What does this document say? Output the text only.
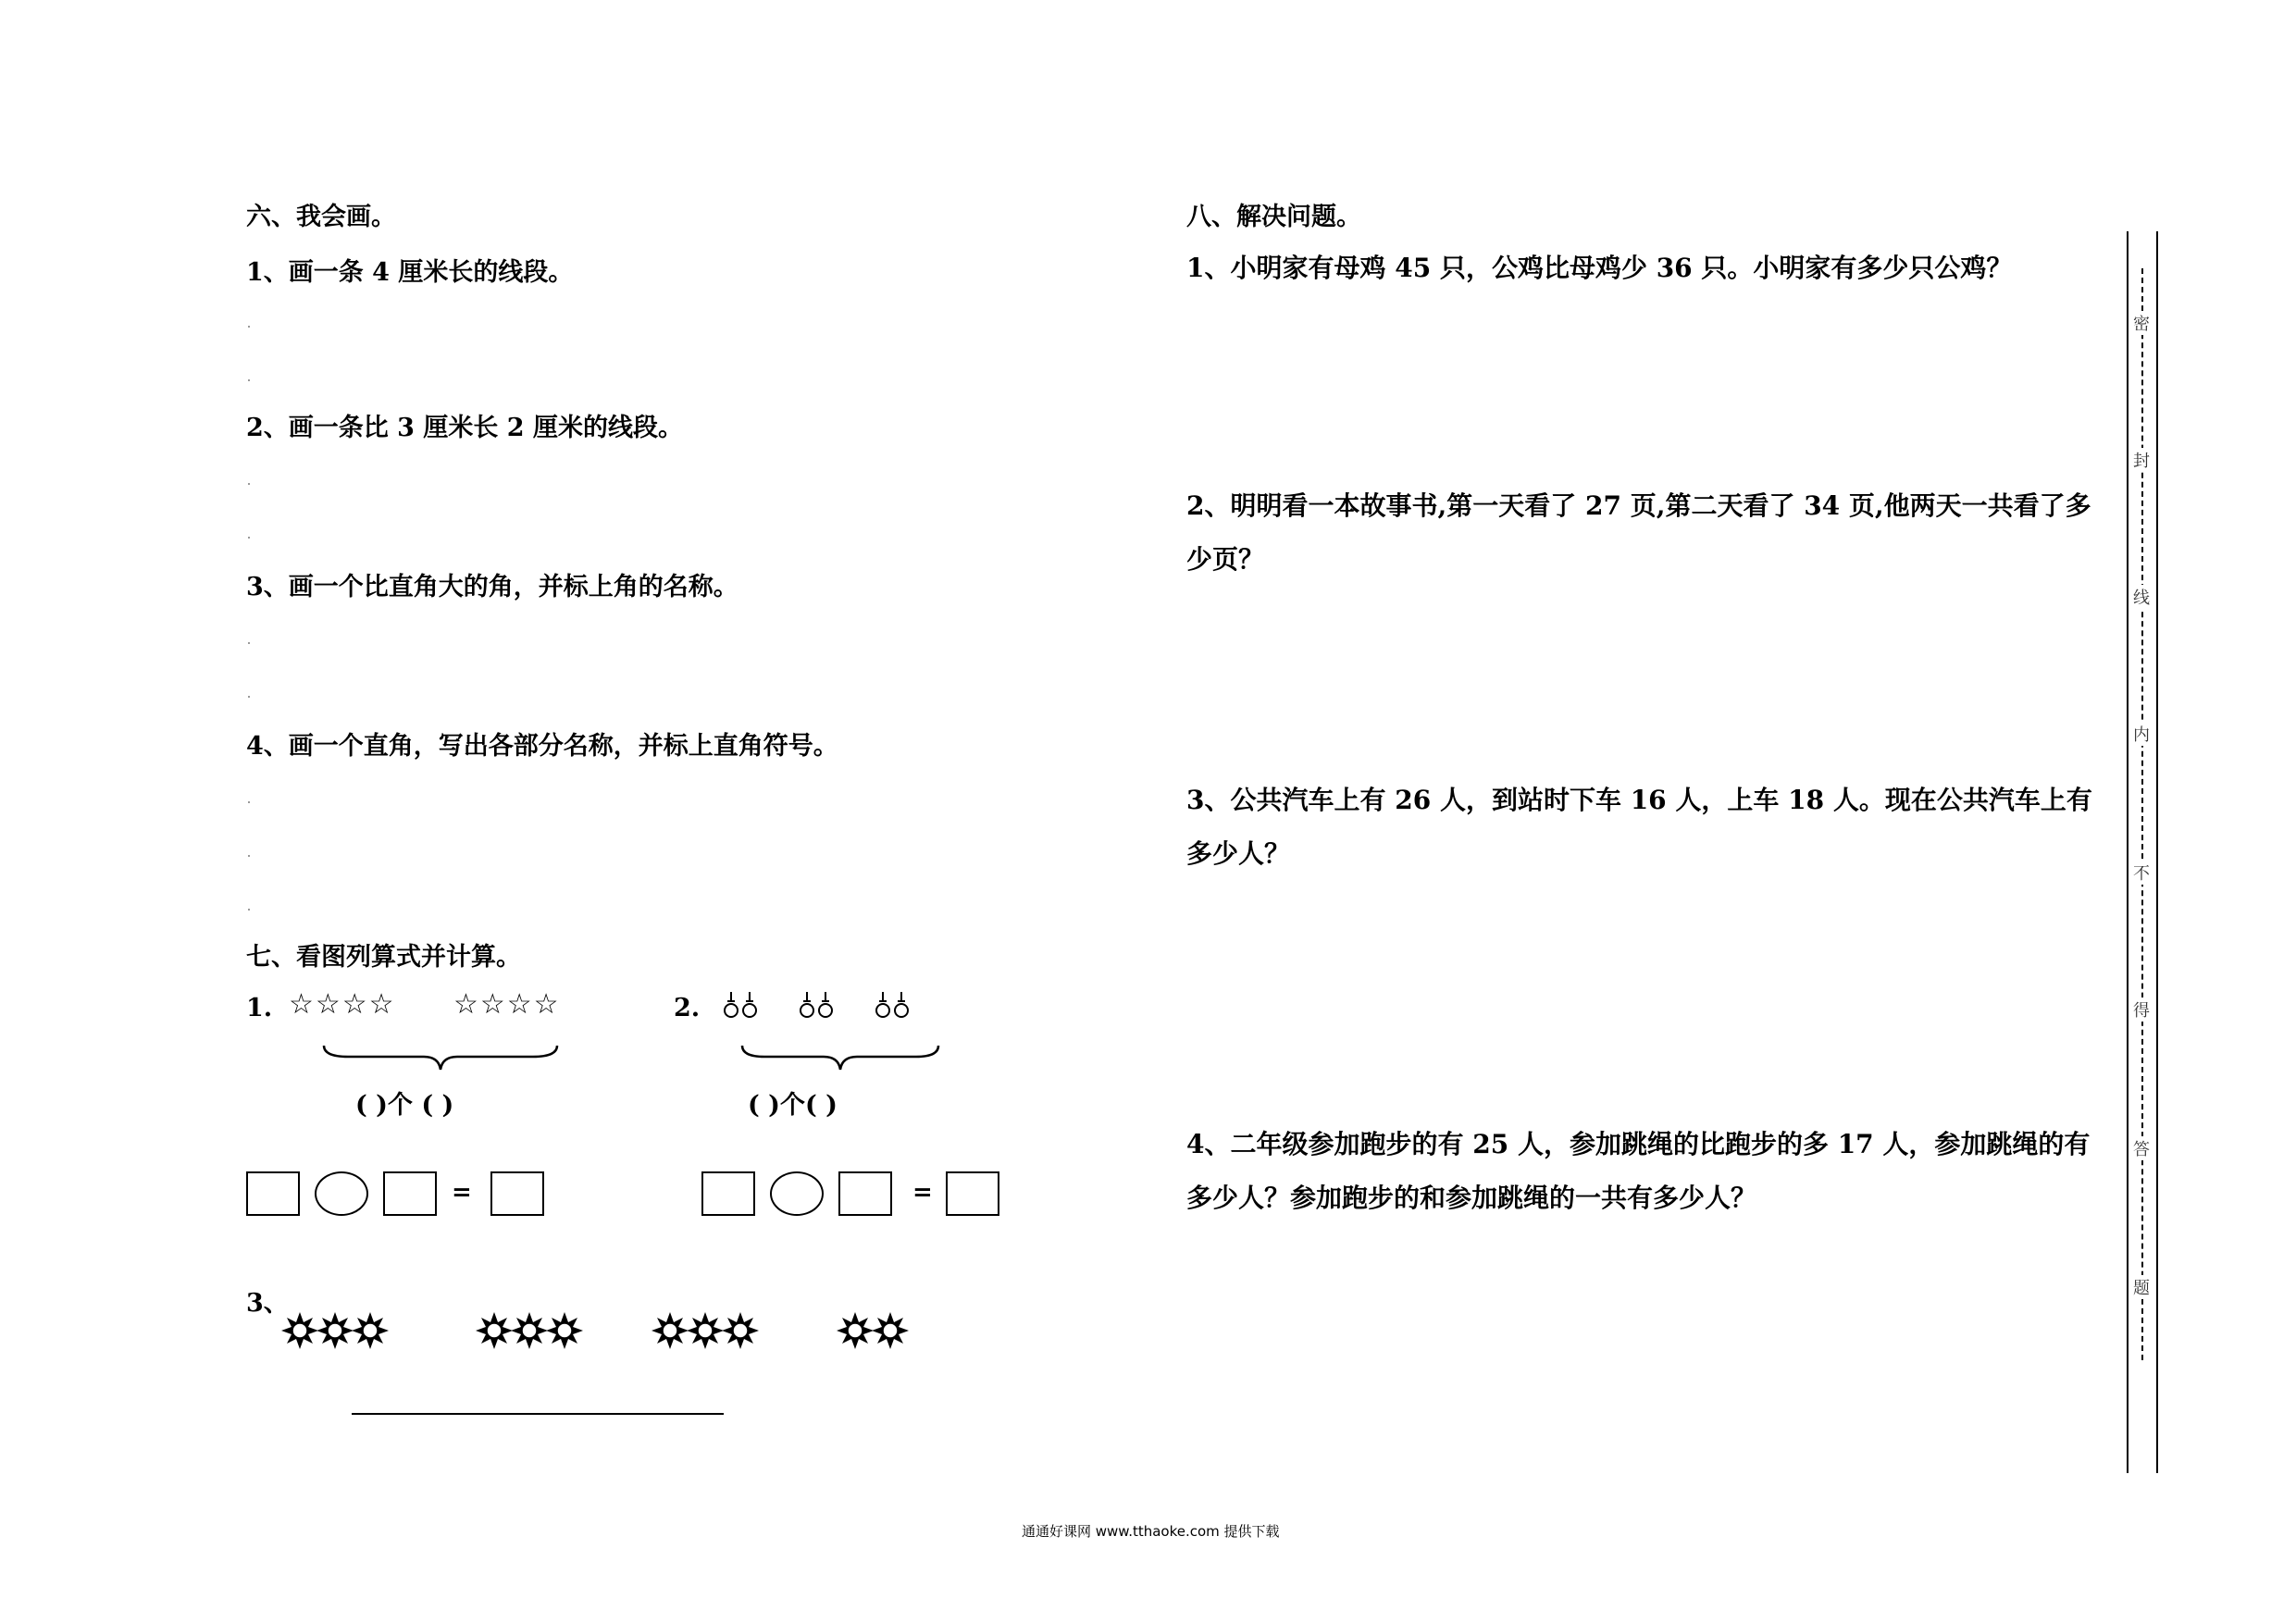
六、我会画。
1、画一条 4 厘米长的线段。
2、画一条比 3 厘米长 2 厘米的线段。
3、画一个比直角大的角，并标上角的名称。
4、画一个直角，写出各部分名称，并标上直角符号。
七、看图列算式并计算。
1. ☆☆☆☆ ☆☆☆☆
( )个 ( )
2.
( )个( )
=	=
3、
八、解决问题。
1、小明家有母鸡 45 只，公鸡比母鸡少 36 只。小明家有多少只公鸡？
2、明明看一本故事书,第一天看了 27 页,第二天看了 34 页,他两天一共看了多少页？
3、公共汽车上有 26 人，到站时下车 16 人，上车 18 人。现在公共汽车上有多少人？
4、二年级参加跑步的有 25 人，参加跳绳的比跑步的多 17 人，参加跳绳的有多少人？参加跑步的和参加跳绳的一共有多少人？
密
封
线
内
不
得
答
题
通通好课网 www.tthaoke.com 提供下载
